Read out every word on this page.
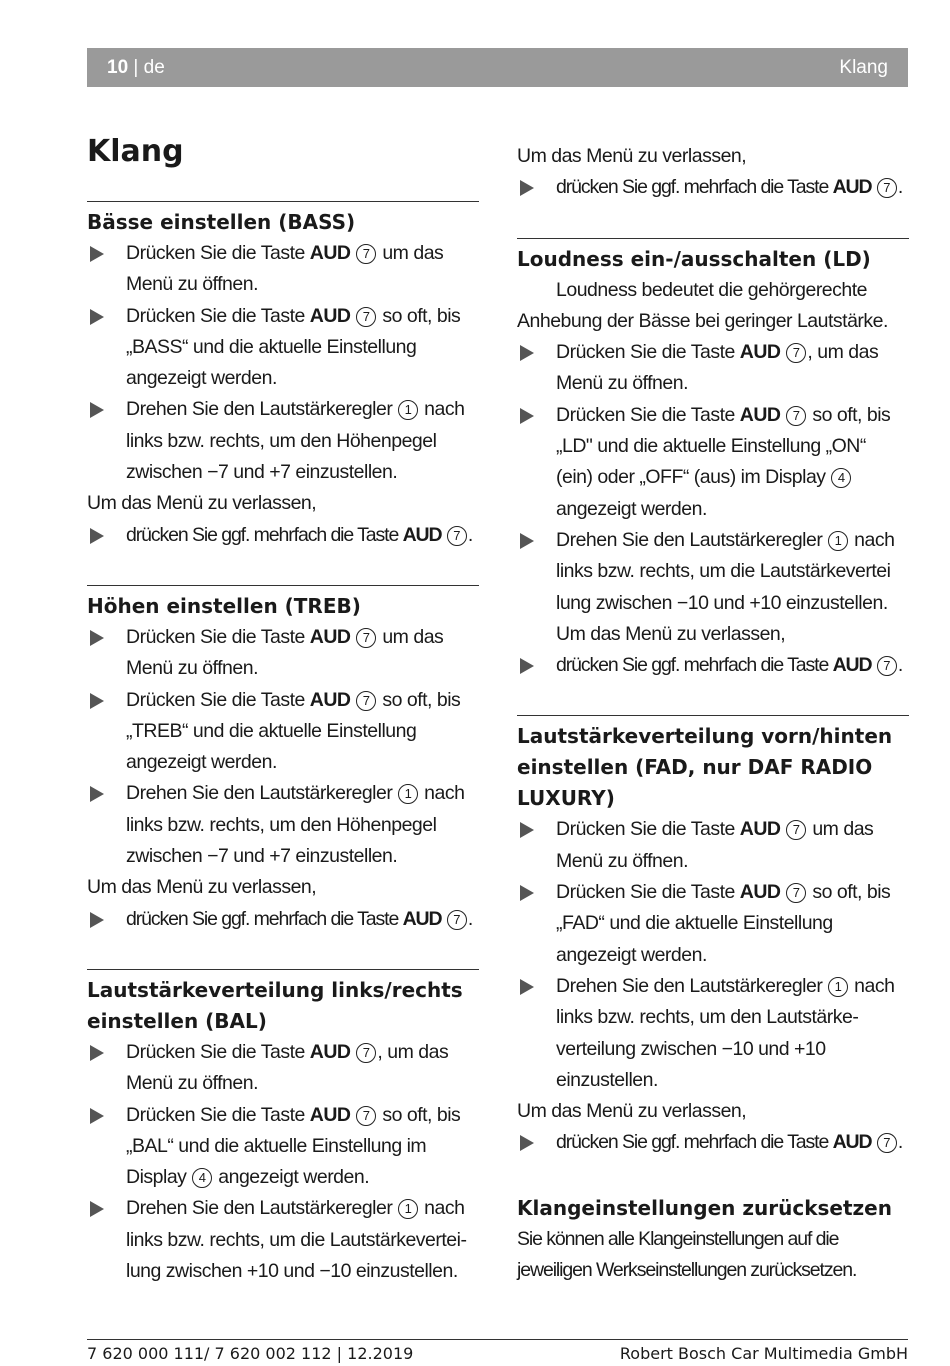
10 | de	Klang
Klang
Bässe einstellen (BASS)
Drücken Sie die Taste AUD 7 um das
Menü zu öffnen.
Drücken Sie die Taste AUD 7 so oft, bis
„BASS“ und die aktuelle Einstellung
angezeigt werden.
Drehen Sie den Lautstärkeregler 1 nach
links bzw. rechts, um den Höhenpegel
zwischen −7 und +7 einzustellen.
Um das Menü zu verlassen,
drücken Sie ggf. mehrfach die Taste AUD 7 .
Höhen einstellen (TREB)
Drücken Sie die Taste AUD 7 um das
Menü zu öffnen.
Drücken Sie die Taste AUD 7 so oft, bis
„TREB“ und die aktuelle Einstellung
angezeigt werden.
Drehen Sie den Lautstärkeregler 1 nach
links bzw. rechts, um den Höhenpegel
zwischen −7 und +7 einzustellen.
Um das Menü zu verlassen,
drücken Sie ggf. mehrfach die Taste AUD 7 .
Lautstärkeverteilung links/rechts einstellen (BAL)
Drücken Sie die Taste AUD 7 , um das
Menü zu öffnen.
Drücken Sie die Taste AUD 7 so oft, bis
„BAL“ und die aktuelle Einstellung im
Display 4 angezeigt werden.
Drehen Sie den Lautstärkeregler 1 nach
links bzw. rechts, um die Lautstärkevertei-
lung zwischen +10 und −10 einzustellen.
Um das Menü zu verlassen,
drücken Sie ggf. mehrfach die Taste AUD 7 .
Loudness ein-/ausschalten (LD)
Loudness bedeutet die gehörgerechte
Anhebung der Bässe bei geringer Lautstärke.
Drücken Sie die Taste AUD 7 , um das
Menü zu öffnen.
Drücken Sie die Taste AUD 7 so oft, bis
„LD" und die aktuelle Einstellung „ON“
(ein) oder „OFF“ (aus) im Display 4
angezeigt werden.
Drehen Sie den Lautstärkeregler 1 nach
links bzw. rechts, um die Lautstärkevertei
lung zwischen −10 und +10 einzustellen.
Um das Menü zu verlassen,
drücken Sie ggf. mehrfach die Taste AUD 7 .
Lautstärkeverteilung vorn/hinten einstellen (FAD, nur DAF RADIO LUXURY)
Drücken Sie die Taste AUD 7 um das
Menü zu öffnen.
Drücken Sie die Taste AUD 7 so oft, bis
„FAD“ und die aktuelle Einstellung
angezeigt werden.
Drehen Sie den Lautstärkeregler 1 nach
links bzw. rechts, um den Lautstärke-
verteilung zwischen −10 und +10
einzustellen.
Um das Menü zu verlassen,
drücken Sie ggf. mehrfach die Taste AUD 7 .
Klangeinstellungen zurücksetzen
Sie können alle Klangeinstellungen auf die
jeweiligen Werkseinstellungen zurücksetzen.
7 620 000 111/ 7 620 002 112 | 12.2019	Robert Bosch Car Multimedia GmbH
